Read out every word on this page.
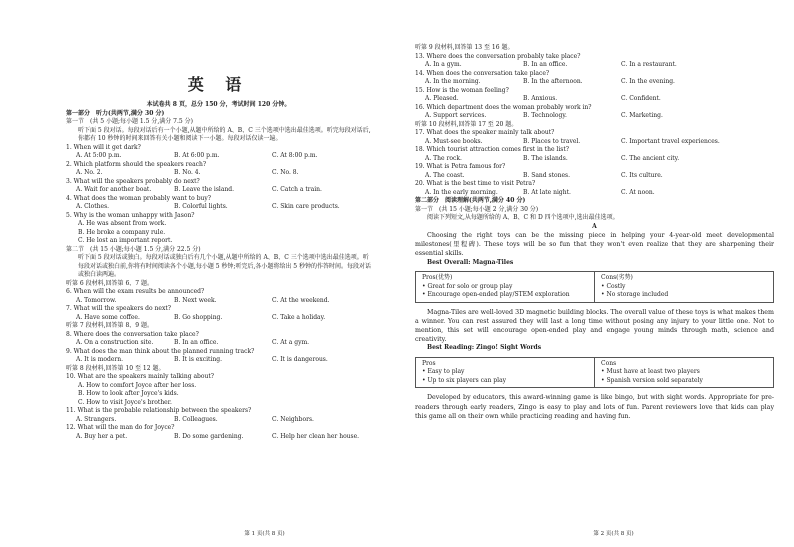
英 语
本试卷共 8 页，总分 150 分，考试时间 120 分钟。
第一部分　听力(共两节,满分 30 分)
第一节　(共 5 小题;每小题 1.5 分,满分 7.5 分)
听下面 5 段对话。每段对话后有一个小题,从题中所给的 A、B、C 三个选项中选出最佳选项。听完每段对话后,你都有 10 秒钟的时间来回答有关小题和阅读下一小题。每段对话仅读一遍。
1. When will it get dark?
A. At 5:00 p.m.	B. At 6:00 p.m.	C. At 8:00 p.m.
2. Which platform should the speakers reach?
A. No. 2.	B. No. 4.	C. No. 8.
3. What will the speakers probably do next?
A. Wait for another boat.	B. Leave the island.	C. Catch a train.
4. What does the woman probably want to buy?
A. Clothes.	B. Colorful lights.	C. Skin care products.
5. Why is the woman unhappy with Jason?
A. He was absent from work.
B. He broke a company rule.
C. He lost an important report.
第二节　(共 15 小题;每小题 1.5 分,满分 22.5 分)
听下面 5 段对话或独白。每段对话或独白后有几个小题,从题中所给的 A、B、C 三个选项中选出最佳选项。听每段对话或独白前,你将有时间阅读各个小题,每小题 5 秒钟;听完后,各小题将给出 5 秒钟的作答时间。每段对话或独白读两遍。
听第 6 段材料,回答第 6、7 题。
6. When will the exam results be announced?
A. Tomorrow.	B. Next week.	C. At the weekend.
7. What will the speakers do next?
A. Have some coffee.	B. Go shopping.	C. Take a holiday.
听第 7 段材料,回答第 8、9 题。
8. Where does the conversation take place?
A. On a construction site.	B. In an office.	C. At a gym.
9. What does the man think about the planned running track?
A. It is modern.	B. It is exciting.	C. It is dangerous.
听第 8 段材料,回答第 10 至 12 题。
10. What are the speakers mainly talking about?
A. How to comfort Joyce after her loss.
B. How to look after Joyce's kids.
C. How to visit Joyce's brother.
11. What is the probable relationship between the speakers?
A. Strangers.	B. Colleagues.	C. Neighbors.
12. What will the man do for Joyce?
A. Buy her a pet.	B. Do some gardening.	C. Help her clean her house.
第 1 页(共 8 页)
听第 9 段材料,回答第 13 至 16 题。
13. Where does the conversation probably take place?
A. In a gym.	B. In an office.	C. In a restaurant.
14. When does the conversation take place?
A. In the morning.	B. In the afternoon.	C. In the evening.
15. How is the woman feeling?
A. Pleased.	B. Anxious.	C. Confident.
16. Which department does the woman probably work in?
A. Support services.	B. Technology.	C. Marketing.
听第 10 段材料,回答第 17 至 20 题。
17. What does the speaker mainly talk about?
A. Must-see books.	B. Places to travel.	C. Important travel experiences.
18. Which tourist attraction comes first in the list?
A. The rock.	B. The islands.	C. The ancient city.
19. What is Petra famous for?
A. The coast.	B. Sand stones.	C. Its culture.
20. What is the best time to visit Petra?
A. In the early morning.	B. At late night.	C. At noon.
第二部分　阅读理解(共两节,满分 40 分)
第一节　(共 15 小题;每小题 2 分,满分 30 分)
阅读下列短文,从每题所给的 A、B、C 和 D 四个选项中,选出最佳选项。
A
Choosing the right toys can be the missing piece in helping your 4-year-old meet developmental milestones(里程碑). These toys will be so fun that they won't even realize that they are sharpening their essential skills.
Best Overall: Magna-Tiles
Pros(优势)
• Great for solo or group play
• Encourage open-ended play/STEM exploration
Cons(劣势)
• Costly
• No storage included
Magna-Tiles are well-loved 3D magnetic building blocks. The overall value of these toys is what makes them a winner. You can rest assured they will last a long time without posing any injury to your little one. Not to mention, this set will encourage open-ended play and engage young minds through math, science and creativity.
Best Reading: Zingo! Sight Words
Pros
• Easy to play
• Up to six players can play
Cons
• Must have at least two players
• Spanish version sold separately
Developed by educators, this award-winning game is like bingo, but with sight words. Appropriate for pre-readers through early readers, Zingo is easy to play and lots of fun. Parent reviewers love that kids can play this game all on their own while practicing reading and having fun.
第 2 页(共 8 页)
